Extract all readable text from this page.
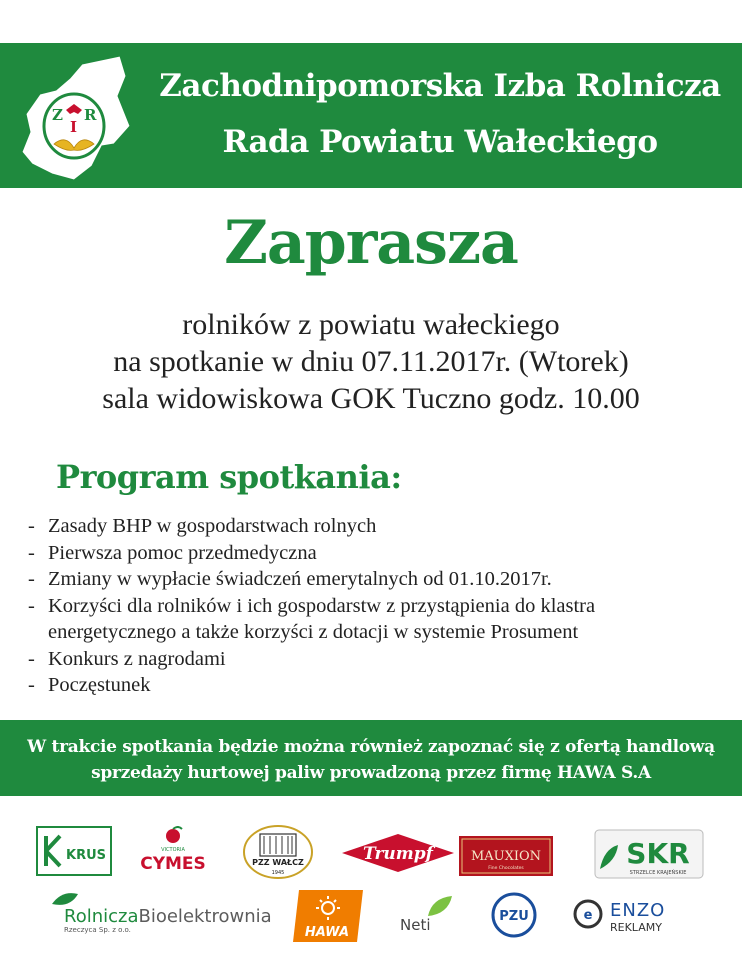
Z
I
R
Zachodnipomorska Izba Rolnicza
Rada Powiatu Wałeckiego
Zaprasza
rolników z powiatu wałeckiego
na spotkanie w dniu 07.11.2017r. (Wtorek)
sala widowiskowa GOK Tuczno godz. 10.00
Program spotkania:
- Zasady BHP w gospodarstwach rolnych
- Pierwsza pomoc przedmedyczna
- Zmiany w wypłacie świadczeń emerytalnych od 01.10.2017r.
- Korzyści dla rolników i ich gospodarstw z przystąpienia do klastra energetycznego a także korzyści z dotacji w systemie Prosument
- Konkurs z nagrodami
- Poczęstunek
W trakcie spotkania będzie można również zapoznać się z ofertą handlową
sprzedaży hurtowej paliw prowadzoną przez firmę HAWA S.A
KRUS	VICTORIA
CYMES	PZZ WAŁCZ
1945
Trumpf	MAUXION
Fine Chocolates	SKR
STRZELCE KRAJEŃSKIE
RolniczaBioelektrownia
Rzeczyca Sp. z o.o.	HAWA	Neti	PZU	e ENZO
REKLAMY
